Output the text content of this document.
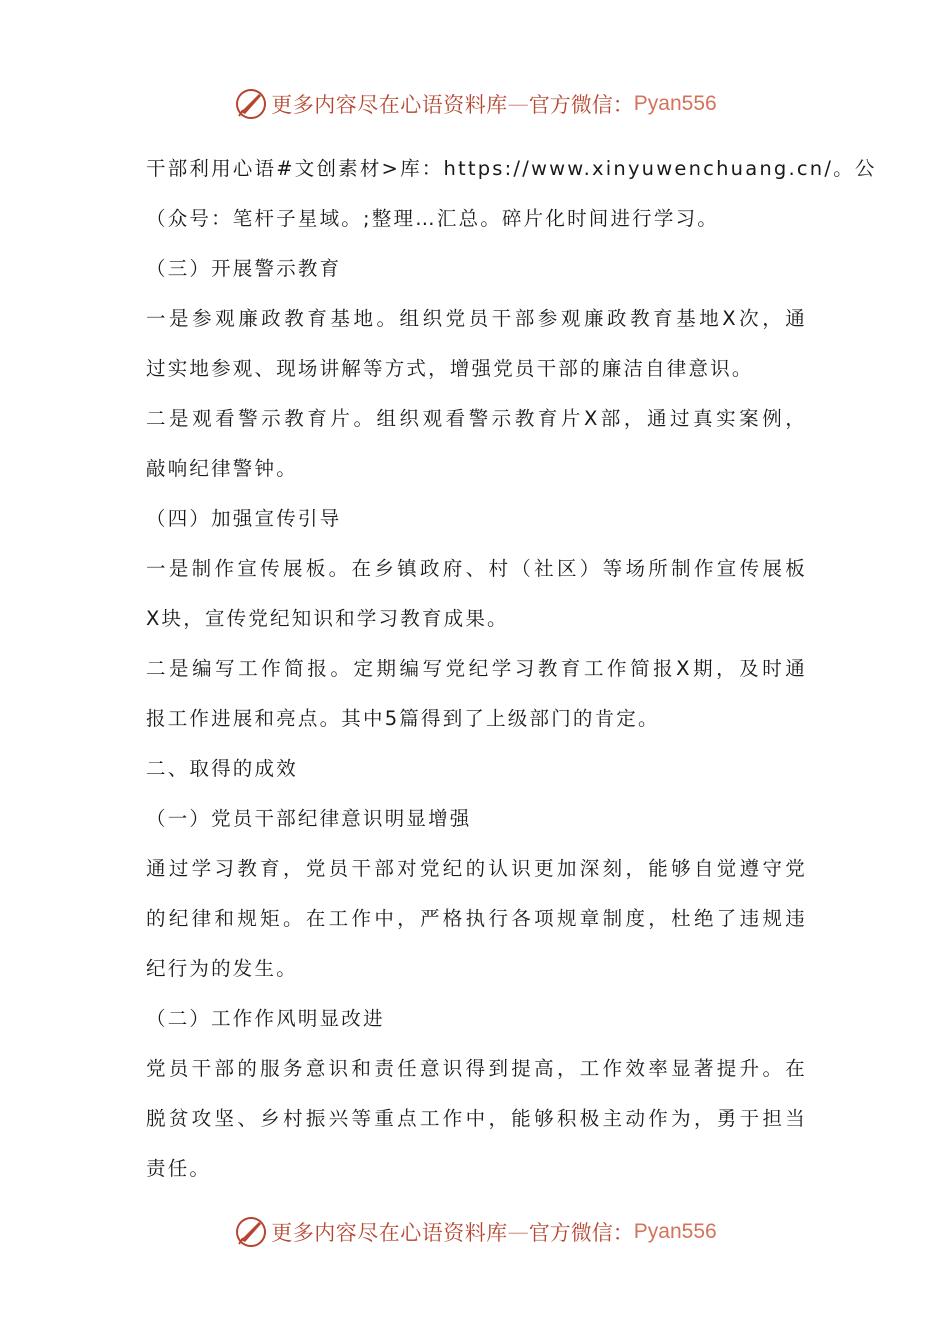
更多内容尽在心语资料库 — 官方微信： Pyan556
干部利用心语#文创素材>库：https://www.xinyuwenchuang.cn/。公
（众号：笔杆子星域。;整理…汇总。碎片化时间进行学习。
（三）开展警示教育
一是参观廉政教育基地。组织党员干部参观廉政教育基地X次，通
过实地参观、现场讲解等方式，增强党员干部的廉洁自律意识。
二是观看警示教育片。组织观看警示教育片X部，通过真实案例，
敲响纪律警钟。
（四）加强宣传引导
一是制作宣传展板。在乡镇政府、村（社区）等场所制作宣传展板
X块，宣传党纪知识和学习教育成果。
二是编写工作简报。定期编写党纪学习教育工作简报X期，及时通
报工作进展和亮点。其中5篇得到了上级部门的肯定。
二、取得的成效
（一）党员干部纪律意识明显增强
通过学习教育，党员干部对党纪的认识更加深刻，能够自觉遵守党
的纪律和规矩。在工作中，严格执行各项规章制度，杜绝了违规违
纪行为的发生。
（二）工作作风明显改进
党员干部的服务意识和责任意识得到提高，工作效率显著提升。在
脱贫攻坚、乡村振兴等重点工作中，能够积极主动作为，勇于担当
责任。
更多内容尽在心语资料库 — 官方微信： Pyan556
